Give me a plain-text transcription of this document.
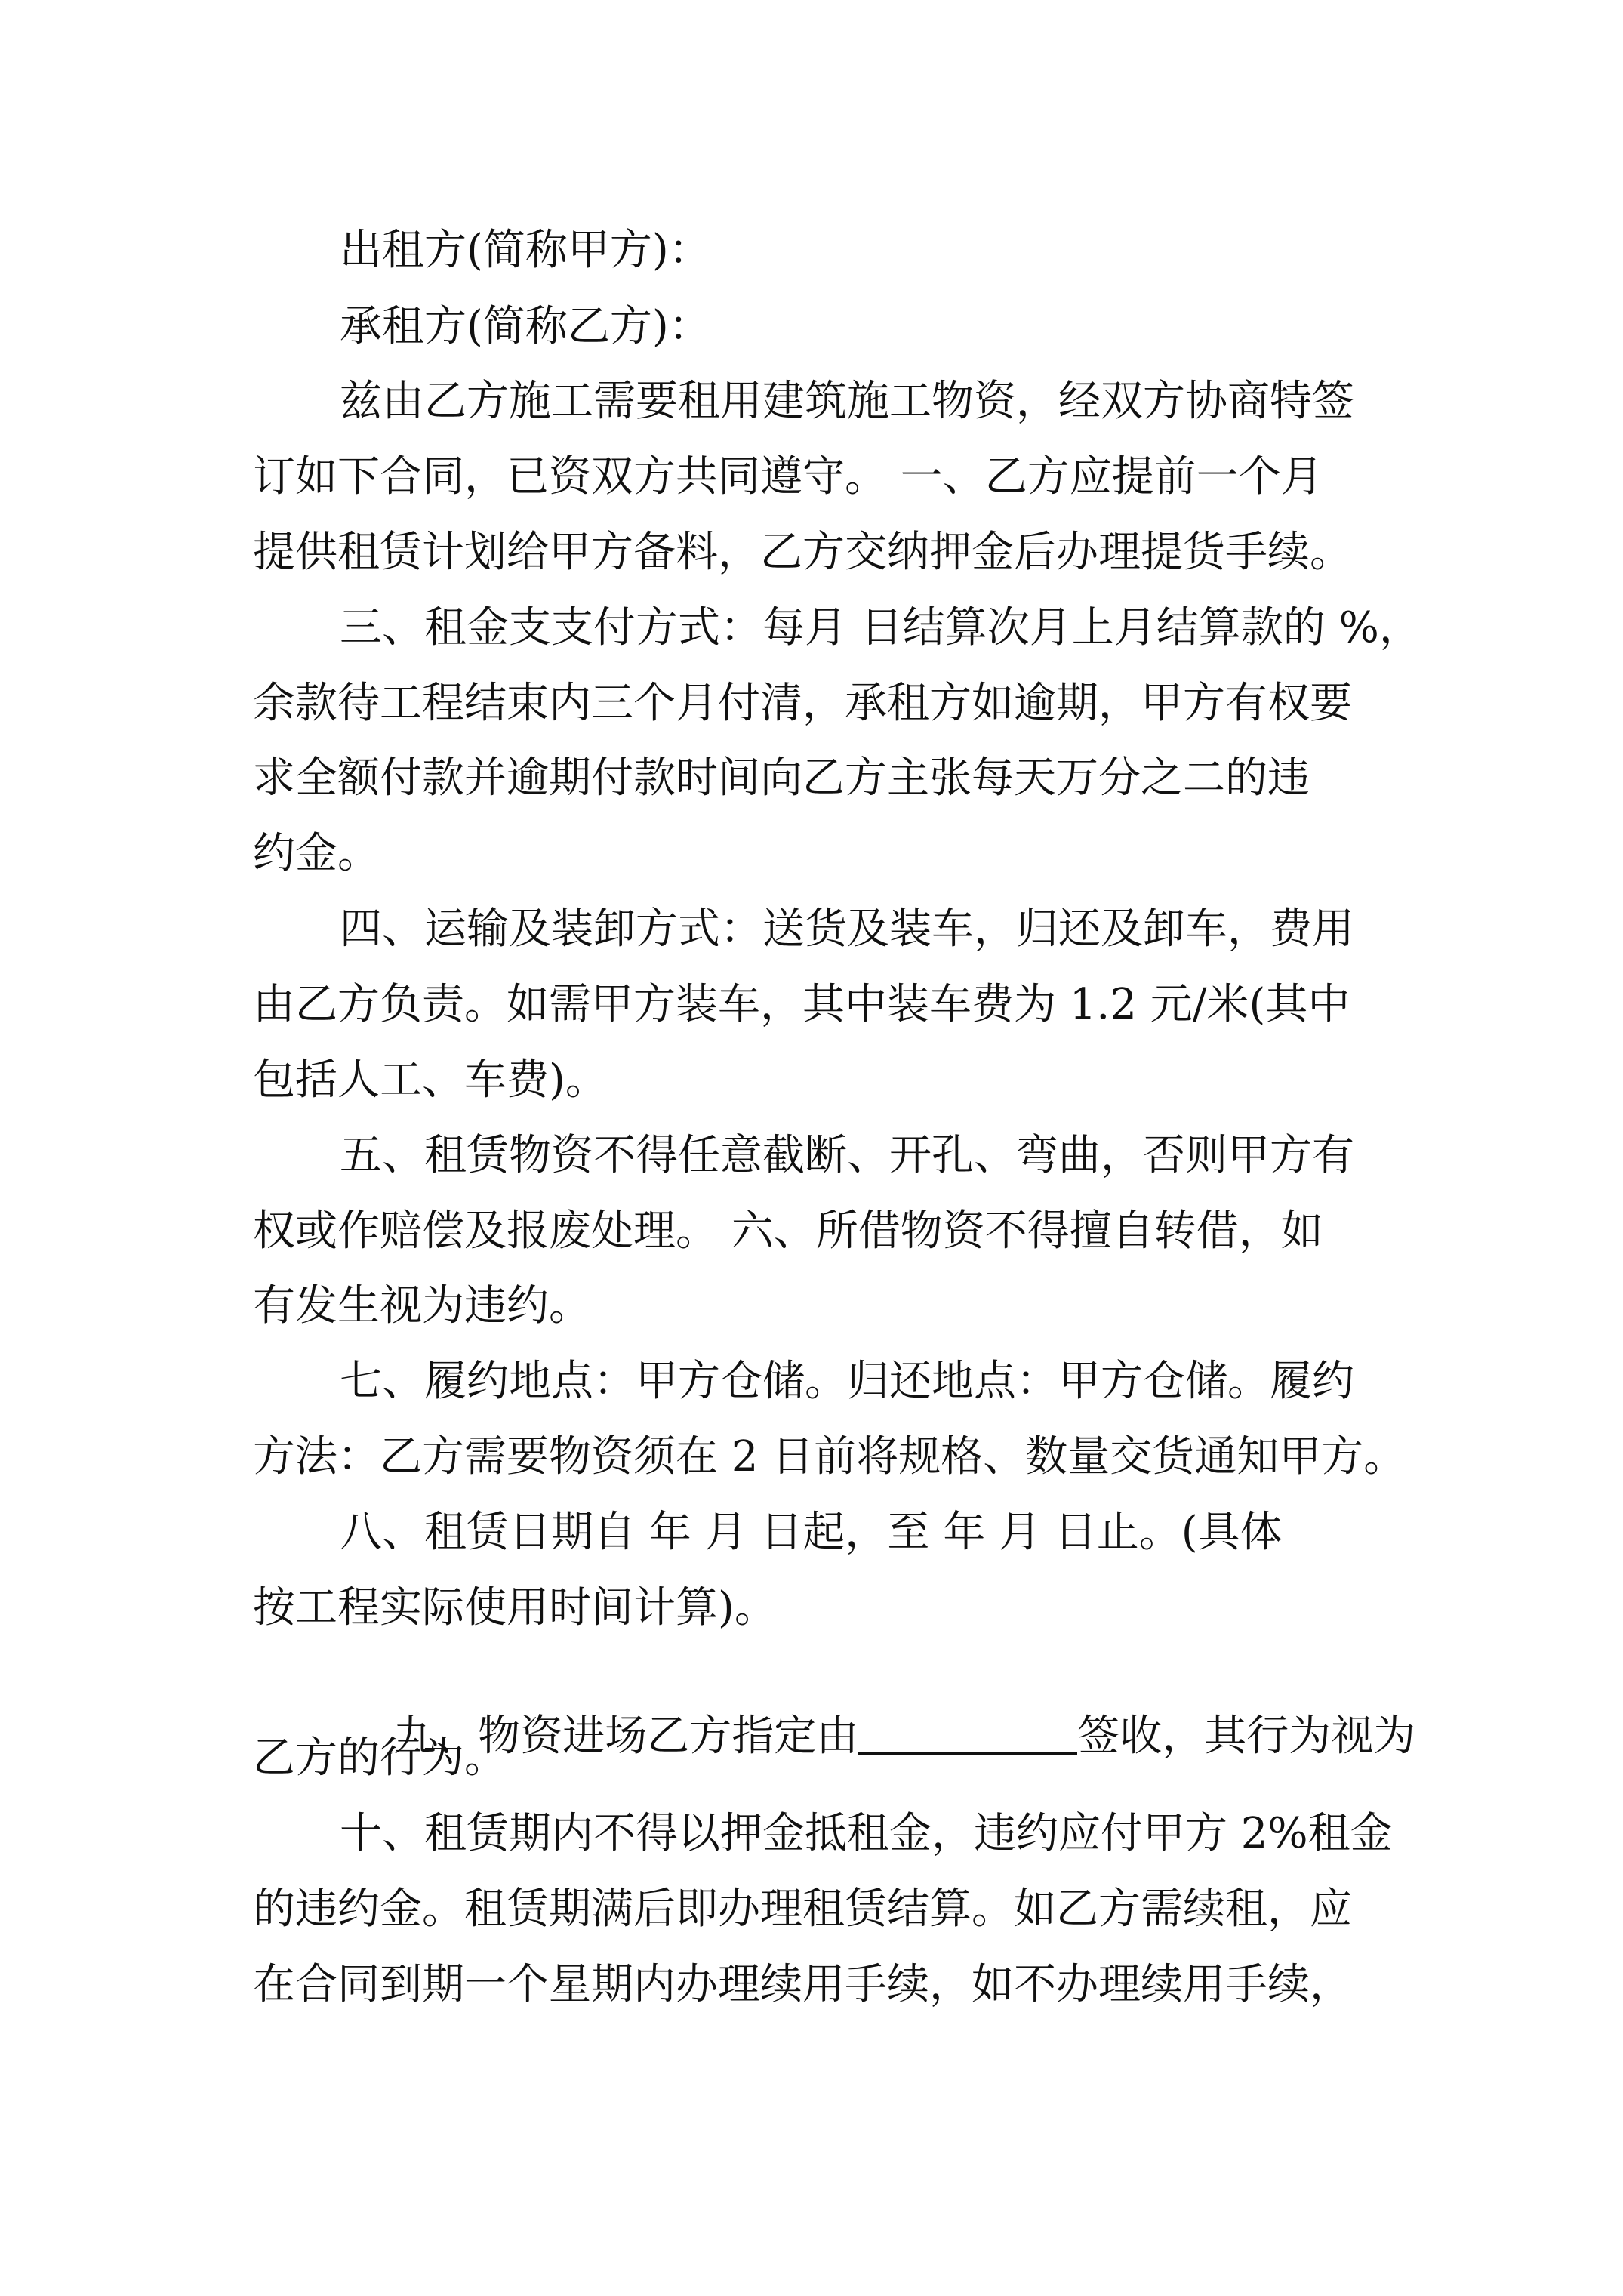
出租方(简称甲方)：
承租方(简称乙方)：
兹由乙方施工需要租用建筑施工物资，经双方协商特签
订如下合同，已资双方共同遵守。 一、乙方应提前一个月
提供租赁计划给甲方备料，乙方交纳押金后办理提货手续。
三、租金支支付方式：每月 日结算次月上月结算款的 %，
余款待工程结束内三个月付清，承租方如逾期，甲方有权要
求全额付款并逾期付款时间向乙方主张每天万分之二的违
约金。
四、运输及装卸方式：送货及装车，归还及卸车，费用
由乙方负责。如需甲方装车，其中装车费为 1.2 元/米(其中
包括人工、车费)。
五、租赁物资不得任意截断、开孔、弯曲，否则甲方有
权或作赔偿及报废处理。 六、所借物资不得擅自转借，如
有发生视为违约。
七、履约地点：甲方仓储。归还地点：甲方仓储。履约
方法：乙方需要物资须在 2 日前将规格、数量交货通知甲方。
八、租赁日期自 年 月 日起，至 年 月 日止。(具体
按工程实际使用时间计算)。

九、物资进场乙方指定由	签收，其行为视为

乙方的行为。
十、租赁期内不得以押金抵租金，违约应付甲方 2%租金
的违约金。租赁期满后即办理租赁结算。如乙方需续租，应
在合同到期一个星期内办理续用手续，如不办理续用手续，
